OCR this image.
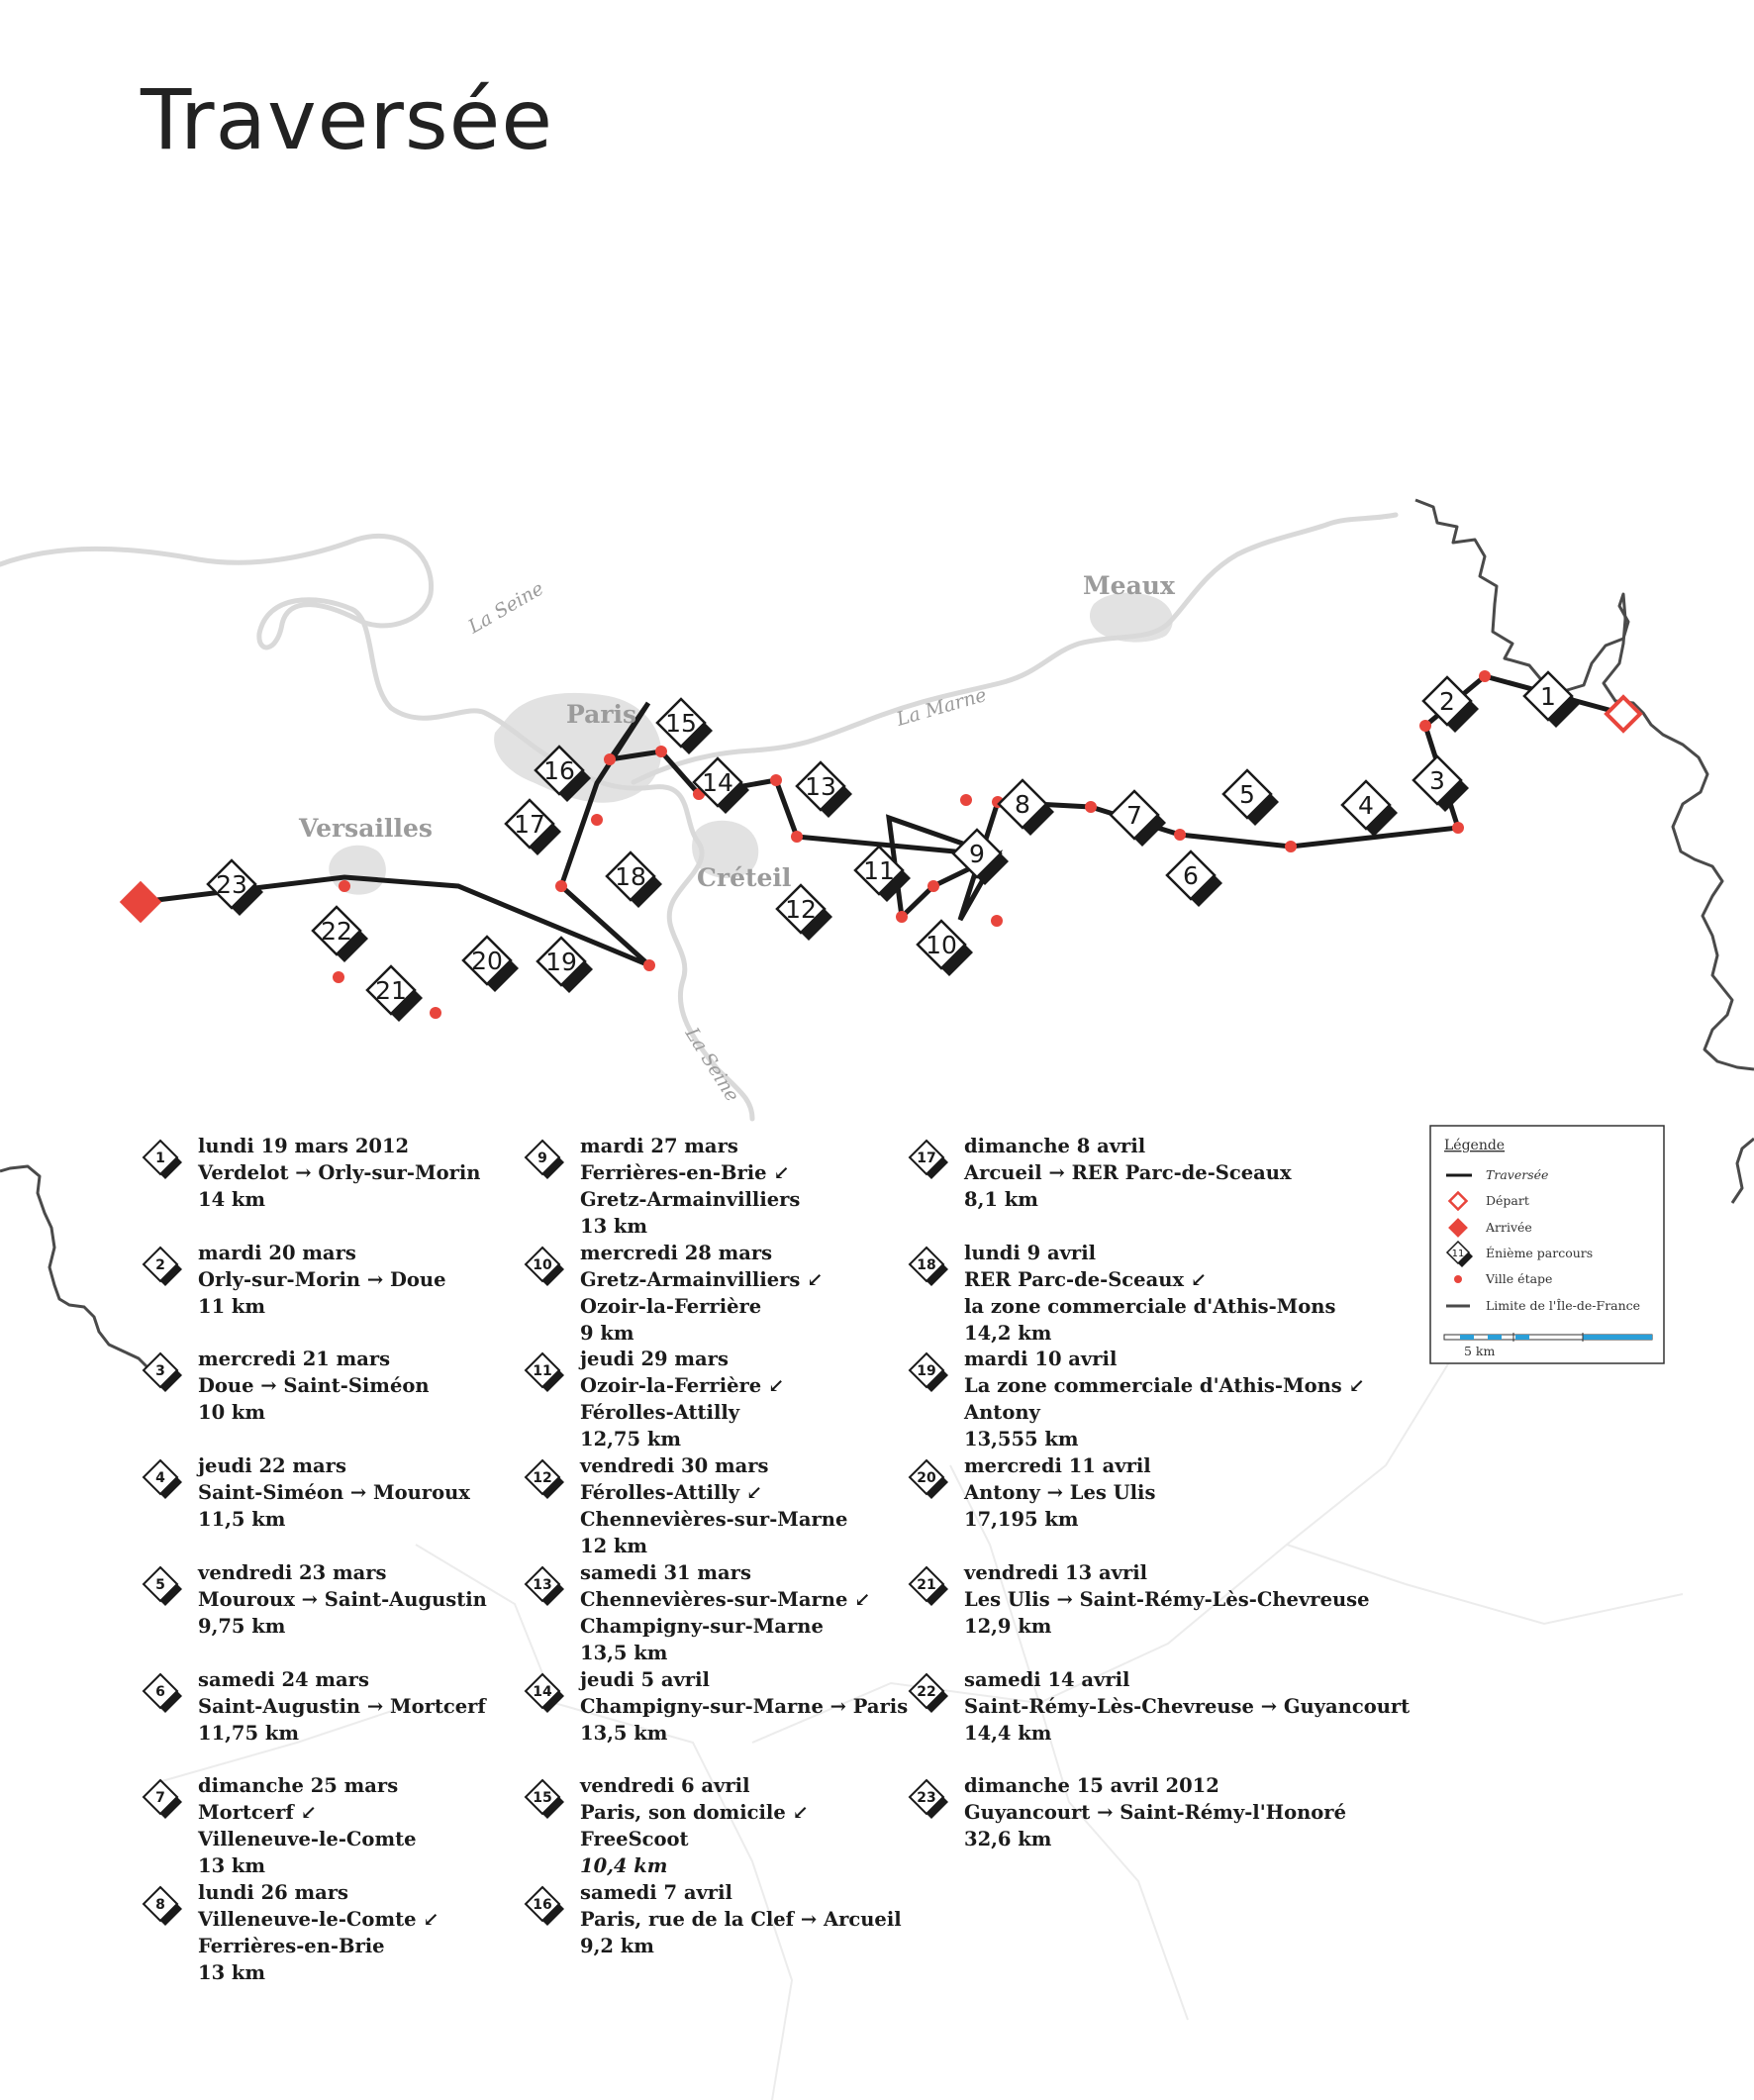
Traversée
La Seine
La Marne
La Seine
Meaux
Paris
Versailles
Créteil
1
2
3
4
5
6
7
8
9
10
11
12
13
14
15
16
17
18
19
20
21
22
23
Légende
Traversée
Départ
Arrivée
11 Énième parcours
Ville étape
Limite de l'Île-de-France
5 km
1
lundi 19 mars 2012
Verdelot → Orly-sur-Morin
14 km
2
mardi 20 mars
Orly-sur-Morin → Doue
11 km
3
mercredi 21 mars
Doue → Saint-Siméon
10 km
4
jeudi 22 mars
Saint-Siméon → Mouroux
11,5 km
5
vendredi 23 mars
Mouroux → Saint-Augustin
9,75 km
6
samedi 24 mars
Saint-Augustin → Mortcerf
11,75 km
7
dimanche 25 mars
Mortcerf ↙
Villeneuve-le-Comte
13 km
8
lundi 26 mars
Villeneuve-le-Comte ↙
Ferrières-en-Brie
13 km
9
mardi 27 mars
Ferrières-en-Brie ↙
Gretz-Armainvilliers
13 km
10
mercredi 28 mars
Gretz-Armainvilliers ↙
Ozoir-la-Ferrière
9 km
11
jeudi 29 mars
Ozoir-la-Ferrière ↙
Férolles-Attilly
12,75 km
12
vendredi 30 mars
Férolles-Attilly ↙
Chennevières-sur-Marne
12 km
13
samedi 31 mars
Chennevières-sur-Marne ↙
Champigny-sur-Marne
13,5 km
14
jeudi 5 avril
Champigny-sur-Marne → Paris
13,5 km
15
vendredi 6 avril
Paris, son domicile ↙
FreeScoot
10,4 km
16
samedi 7 avril
Paris, rue de la Clef → Arcueil
9,2 km
17
dimanche 8 avril
Arcueil → RER Parc-de-Sceaux
8,1 km
18
lundi 9 avril
RER Parc-de-Sceaux ↙
la zone commerciale d'Athis-Mons
14,2 km
19
mardi 10 avril
La zone commerciale d'Athis-Mons ↙
Antony
13,555 km
20
mercredi 11 avril
Antony → Les Ulis
17,195 km
21
vendredi 13 avril
Les Ulis → Saint-Rémy-Lès-Chevreuse
12,9 km
22
samedi 14 avril
Saint-Rémy-Lès-Chevreuse → Guyancourt
14,4 km
23
dimanche 15 avril 2012
Guyancourt → Saint-Rémy-l'Honoré
32,6 km
